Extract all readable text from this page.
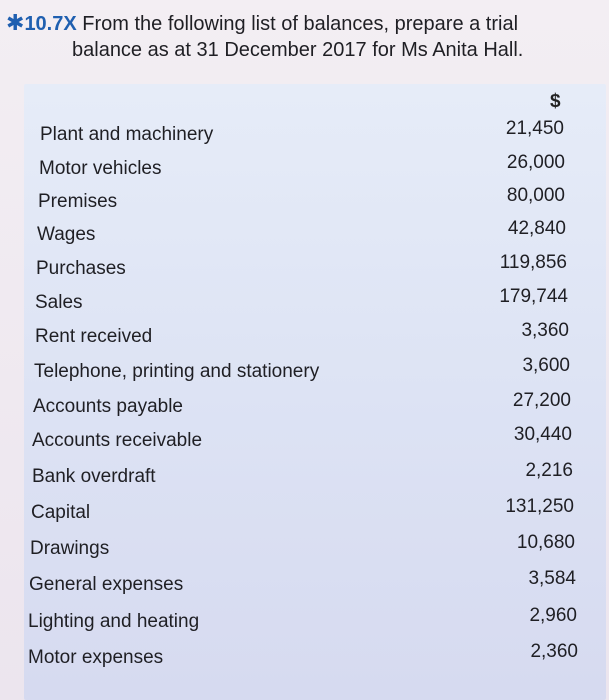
✱10.7X From the following list of balances, prepare a trial
balance as at 31 December 2017 for Ms Anita Hall.
$
Plant and machinery	21,450
Motor vehicles	26,000
Premises	80,000
Wages	42,840
Purchases	119,856
Sales	179,744
Rent received	3,360
Telephone, printing and stationery	3,600
Accounts payable	27,200
Accounts receivable	30,440
Bank overdraft	2,216
Capital	131,250
Drawings	10,680
General expenses	3,584
Lighting and heating	2,960
Motor expenses	2,360
